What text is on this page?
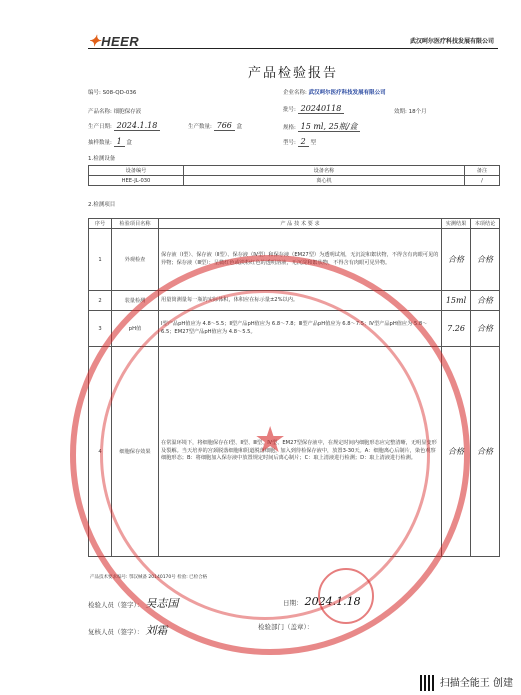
✦HEER	武汉呵尔医疗科技发展有限公司
产品检验报告
编号: S08-QD-036	企业名称: 武汉呵尔医疗科技发展有限公司
产品名称: 细胞保存液	批号: 20240118	效期: 18个月
生产日期: 2024.1.18	生产数量: 766 盒	规格: 15 ml, 25瓶/盒
抽样数量: 1 盒	型号: 2 型
1.检测设备
设备编号	设备名称	备注
HEE-JL-030	离心机	/
2.检测项目
序号	检验项目名称	产 品 技 术 要 求	实测结果	本项结论
1	外观检查	保存液（Ⅰ型）、保存液（Ⅱ型）、保存液（Ⅳ型）和保存液（EM27型）为透明试剂，无沉淀和絮状物，不得含有肉眼可见的异物；保存液（Ⅲ型）：呈微红色或淡粉红色的透明溶液，无沉淀和絮状物，不得含有肉眼可见异物。	合格	合格
2	装量检测	用量筒测量每一瓶的实际体积，体积应在标示量±2%以内。	15ml	合格
3	pH值	Ⅰ型产品pH值应为 4.8～5.5；Ⅱ型产品pH值应为 6.8～7.8；Ⅲ型产品pH值应为 6.8～7.5；Ⅳ型产品pH值应为 5.8～6.5；EM27型产品pH值应为 4.8～5.5。	7.26	合格
4	细胞保存效果	在常温环境下，将细胞保存在Ⅰ型、Ⅱ型、Ⅲ型、Ⅳ型、EM27型保存液中，在规定时间内细胞形态应完整清晰，无明显变形及裂解。当天培养的宫颈脱落细胞和阴道脱落细胞，加入到待检保存液中，放置3-30天。A：细胞离心后制片，染色观察细胞形态；B：将细胞加入保存液中放置规定时间后离心制片；C：取上清液进行检测；D：取上清液进行检测。	合格	合格
产品技术要求编号: 鄂汉械备 20140170号 检验: 已检合格
检验人员（签字）： 吴志国	日期： 2024.1.18
复核人员（签字）： 刘霜	检验部门（盖章）：
★
扫描全能王 创建
